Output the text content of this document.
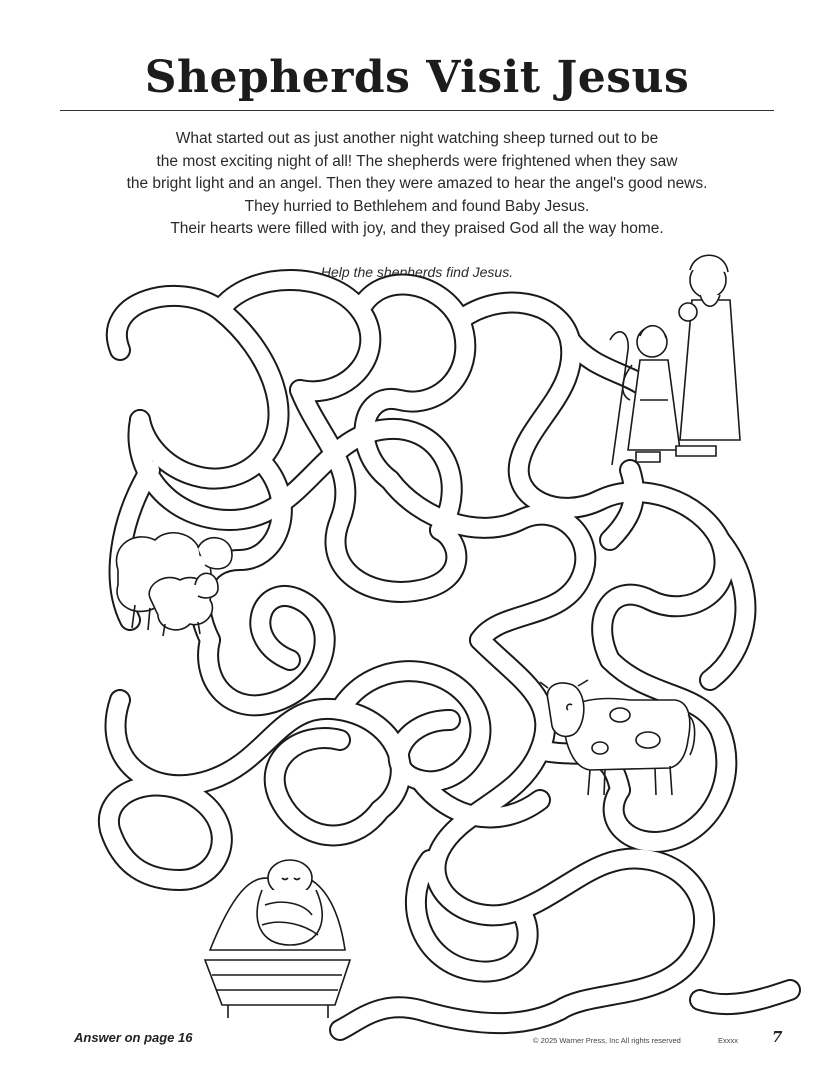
Shepherds Visit Jesus
What started out as just another night watching sheep turned out to be
the most exciting night of all! The shepherds were frightened when they saw
the bright light and an angel. Then they were amazed to hear the angel's good news.
They hurried to Bethlehem and found Baby Jesus.
Their hearts were filled with joy, and they praised God all the way home.
Help the shepherds find Jesus.
Answer on page 16	© 2025 Warner Press, Inc All rights reserved	Exxxx 7
